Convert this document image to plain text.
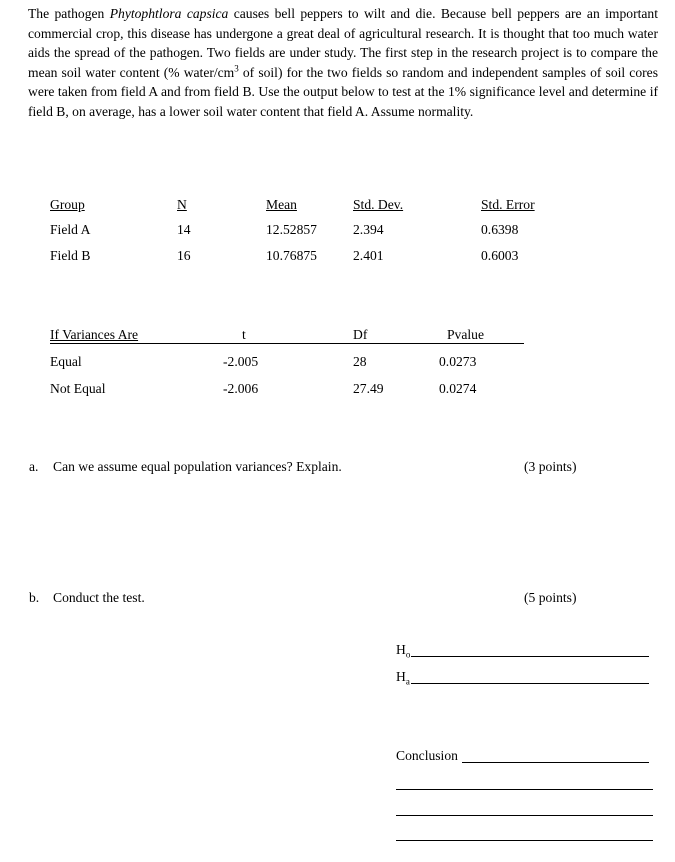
The pathogen Phytophtlora capsica causes bell peppers to wilt and die. Because bell peppers are an important commercial crop, this disease has undergone a great deal of agricultural research. It is thought that too much water aids the spread of the pathogen. Two fields are under study. The first step in the research project is to compare the mean soil water content (% water/$cm^3$ of soil) for the two fields so random and independent samples of soil cores were taken from field A and from field B. Use the output below to test at the 1% significance level and determine if field B, on average, has a lower soil water content that field A. Assume normality.
Group	N	Mean	Std. Dev.	Std. Error
Field A	14	12.52857	2.394	0.6398
Field B	16	10.76875	2.401	0.6003
If Variances Are	t	Df	Pvalue
Equal	-2.005	28	0.0273
Not Equal	-2.006	27.49	0.0274
a. Can we assume equal population variances? Explain.	(3 points)
b. Conduct the test.	(5 points)
$H_o$
$H_a$
Conclusion
